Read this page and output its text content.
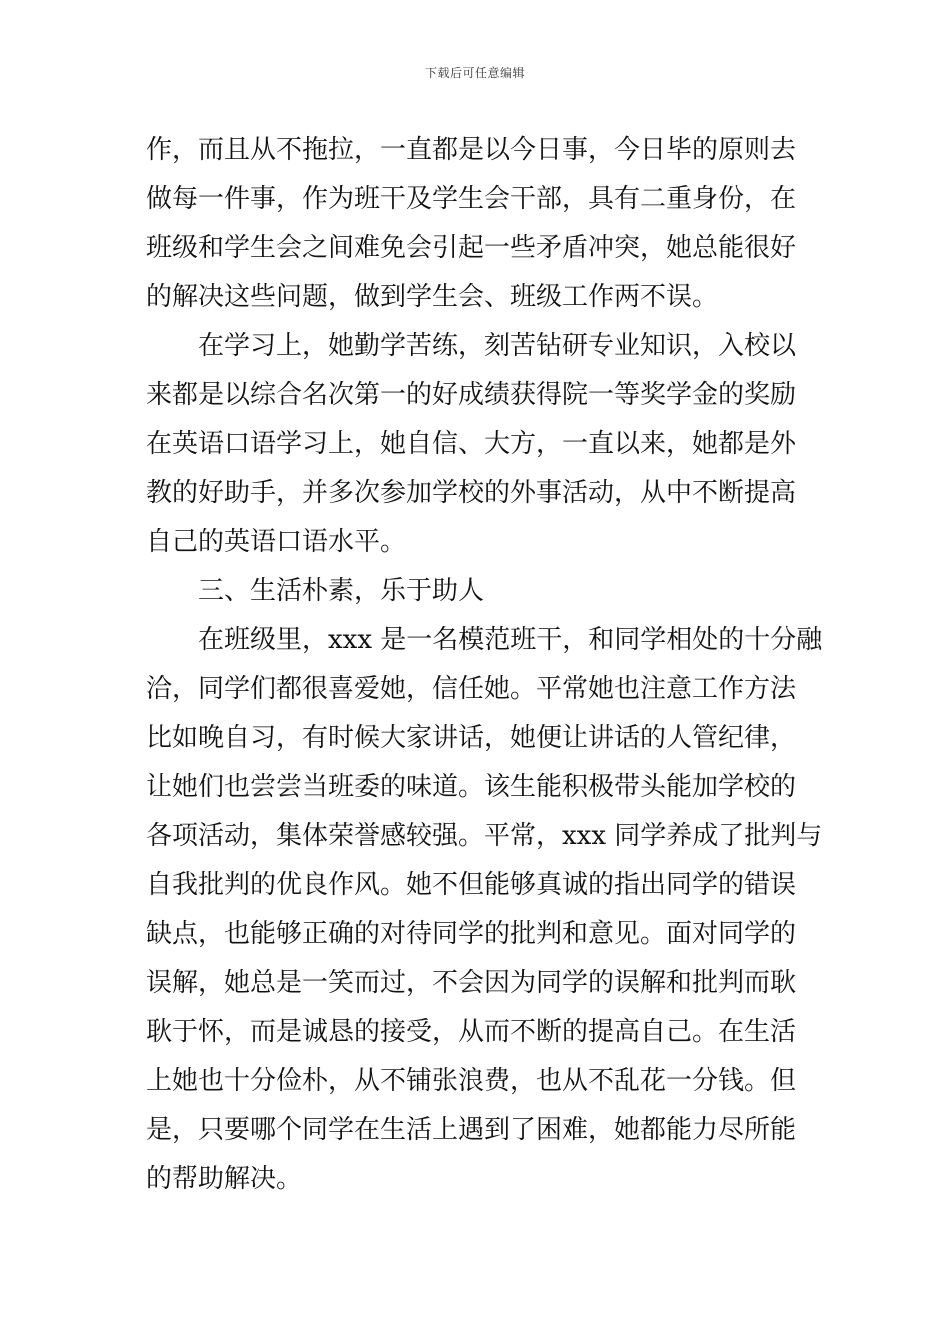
下载后可任意编辑

作，而且从不拖拉，一直都是以今日事，今日毕的原则去

做每一件事，作为班干及学生会干部，具有二重身份，在

班级和学生会之间难免会引起一些矛盾冲突，她总能很好

的解决这些问题，做到学生会、班级工作两不误。

在学习上，她勤学苦练，刻苦钻研专业知识，入校以

来都是以综合名次第一的好成绩获得院一等奖学金的奖励

在英语口语学习上，她自信、大方，一直以来，她都是外

教的好助手，并多次参加学校的外事活动，从中不断提高

自己的英语口语水平。

三、生活朴素，乐于助人

在班级里，xxx 是一名模范班干，和同学相处的十分融

洽，同学们都很喜爱她，信任她。平常她也注意工作方法

比如晚自习，有时候大家讲话，她便让讲话的人管纪律，

让她们也尝尝当班委的味道。该生能积极带头能加学校的

各项活动，集体荣誉感较强。平常，xxx 同学养成了批判与

自我批判的优良作风。她不但能够真诚的指出同学的错误

缺点，也能够正确的对待同学的批判和意见。面对同学的

误解，她总是一笑而过，不会因为同学的误解和批判而耿

耿于怀，而是诚恳的接受，从而不断的提高自己。在生活

上她也十分俭朴，从不铺张浪费，也从不乱花一分钱。但

是，只要哪个同学在生活上遇到了困难，她都能力尽所能

的帮助解决。
